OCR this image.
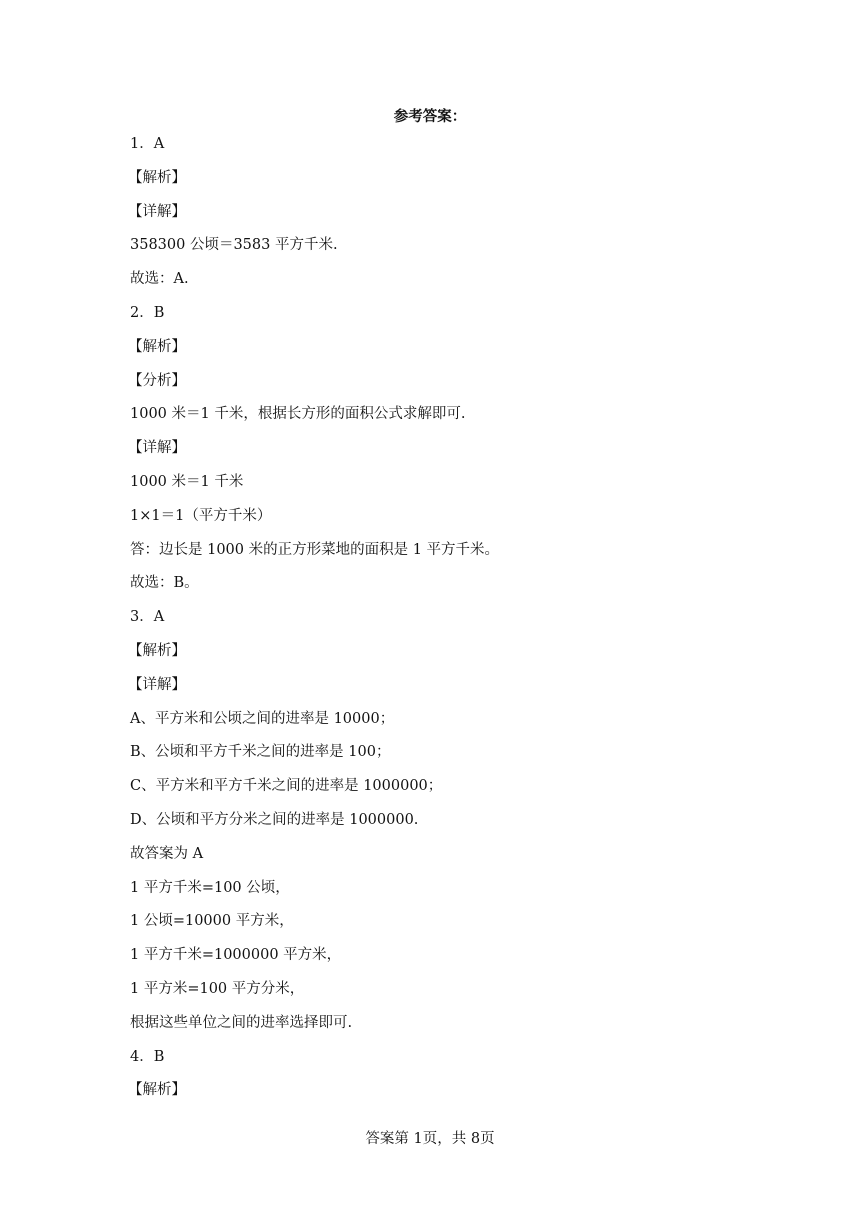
参考答案：
1．A
【解析】
【详解】
358300 公顷＝3583 平方千米.
故选：A.
2．B
【解析】
【分析】
1000 米＝1 千米，根据长方形的面积公式求解即可.
【详解】
1000 米＝1 千米
1×1＝1（平方千米）
答：边长是 1000 米的正方形菜地的面积是 1 平方千米。
故选：B。
3．A
【解析】
【详解】
A、平方米和公顷之间的进率是 10000；
B、公顷和平方千米之间的进率是 100；
C、平方米和平方千米之间的进率是 1000000；
D、公顷和平方分米之间的进率是 1000000.
故答案为 A
1 平方千米=100 公顷，
1 公顷=10000 平方米，
1 平方千米=1000000 平方米，
1 平方米=100 平方分米，
根据这些单位之间的进率选择即可.
4．B
【解析】
答案第 1页，共 8页
